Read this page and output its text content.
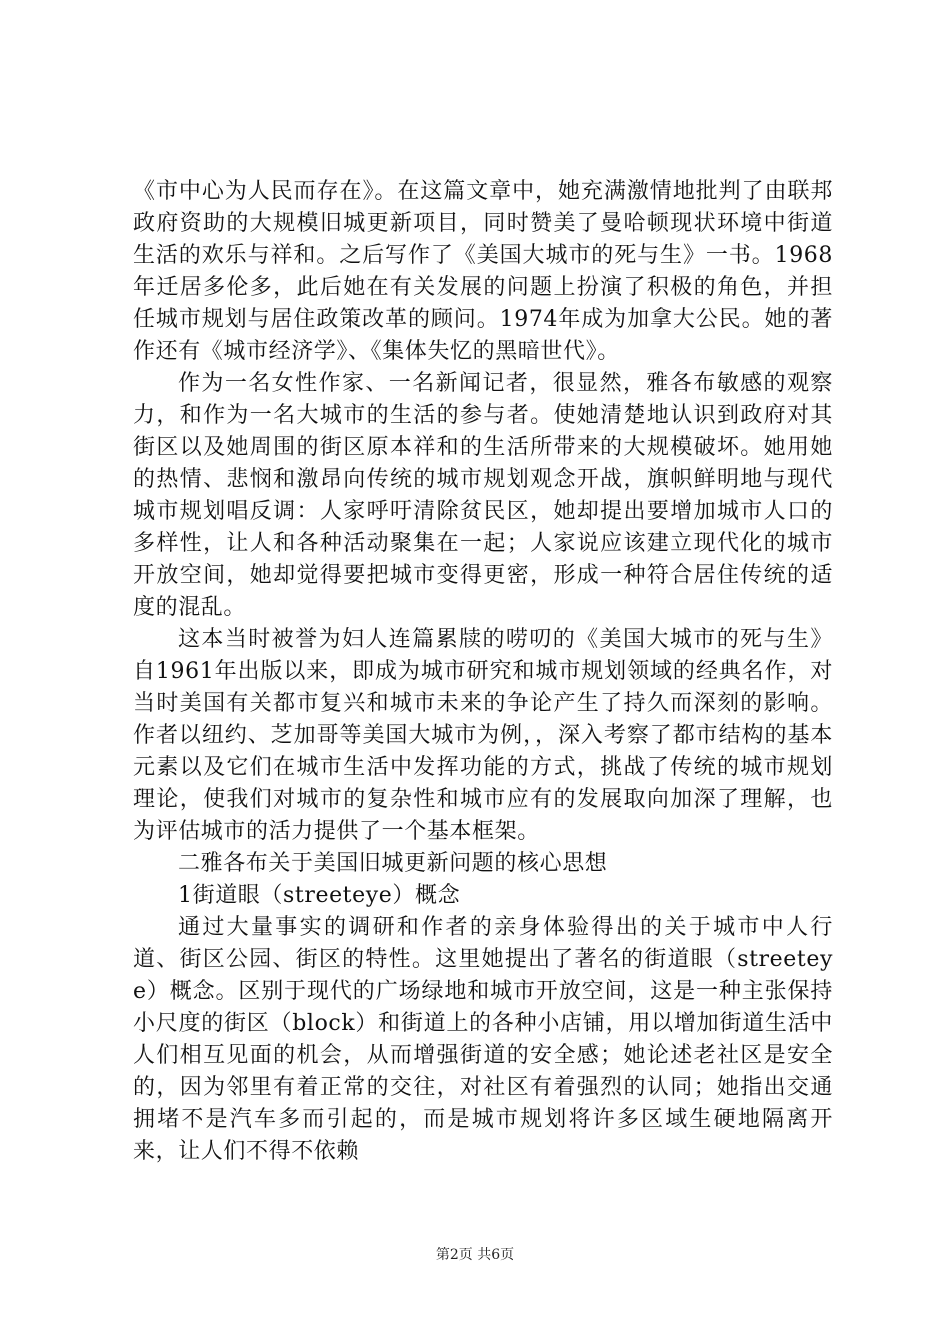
《市中心为人民而存在》。在这篇文章中，她充满激情地批判了由联邦政府资助的大规模旧城更新项目，同时赞美了曼哈顿现状环境中街道生活的欢乐与祥和。之后写作了《美国大城市的死与生》一书。1968年迁居多伦多，此后她在有关发展的问题上扮演了积极的角色，并担任城市规划与居住政策改革的顾问。1974年成为加拿大公民。她的著作还有《城市经济学》、《集体失忆的黑暗世代》。

作为一名女性作家、一名新闻记者，很显然，雅各布敏感的观察力，和作为一名大城市的生活的参与者。使她清楚地认识到政府对其街区以及她周围的街区原本祥和的生活所带来的大规模破坏。她用她的热情、悲悯和激昂向传统的城市规划观念开战，旗帜鲜明地与现代城市规划唱反调：人家呼吁清除贫民区，她却提出要增加城市人口的多样性，让人和各种活动聚集在一起；人家说应该建立现代化的城市开放空间，她却觉得要把城市变得更密，形成一种符合居住传统的适度的混乱。

这本当时被誉为妇人连篇累牍的唠叨的《美国大城市的死与生》自1961年出版以来，即成为城市研究和城市规划领域的经典名作，对当时美国有关都市复兴和城市未来的争论产生了持久而深刻的影响。作者以纽约、芝加哥等美国大城市为例，，深入考察了都市结构的基本元素以及它们在城市生活中发挥功能的方式，挑战了传统的城市规划理论，使我们对城市的复杂性和城市应有的发展取向加深了理解，也为评估城市的活力提供了一个基本框架。

二雅各布关于美国旧城更新问题的核心思想

1街道眼（streeteye）概念

通过大量事实的调研和作者的亲身体验得出的关于城市中人行道、街区公园、街区的特性。这里她提出了著名的街道眼（streeteye）概念。区别于现代的广场绿地和城市开放空间，这是一种主张保持小尺度的街区（block）和街道上的各种小店铺，用以增加街道生活中人们相互见面的机会，从而增强街道的安全感；她论述老社区是安全的，因为邻里有着正常的交往，对社区有着强烈的认同；她指出交通拥堵不是汽车多而引起的，而是城市规划将许多区域生硬地隔离开来，让人们不得不依赖

第2页 共6页
